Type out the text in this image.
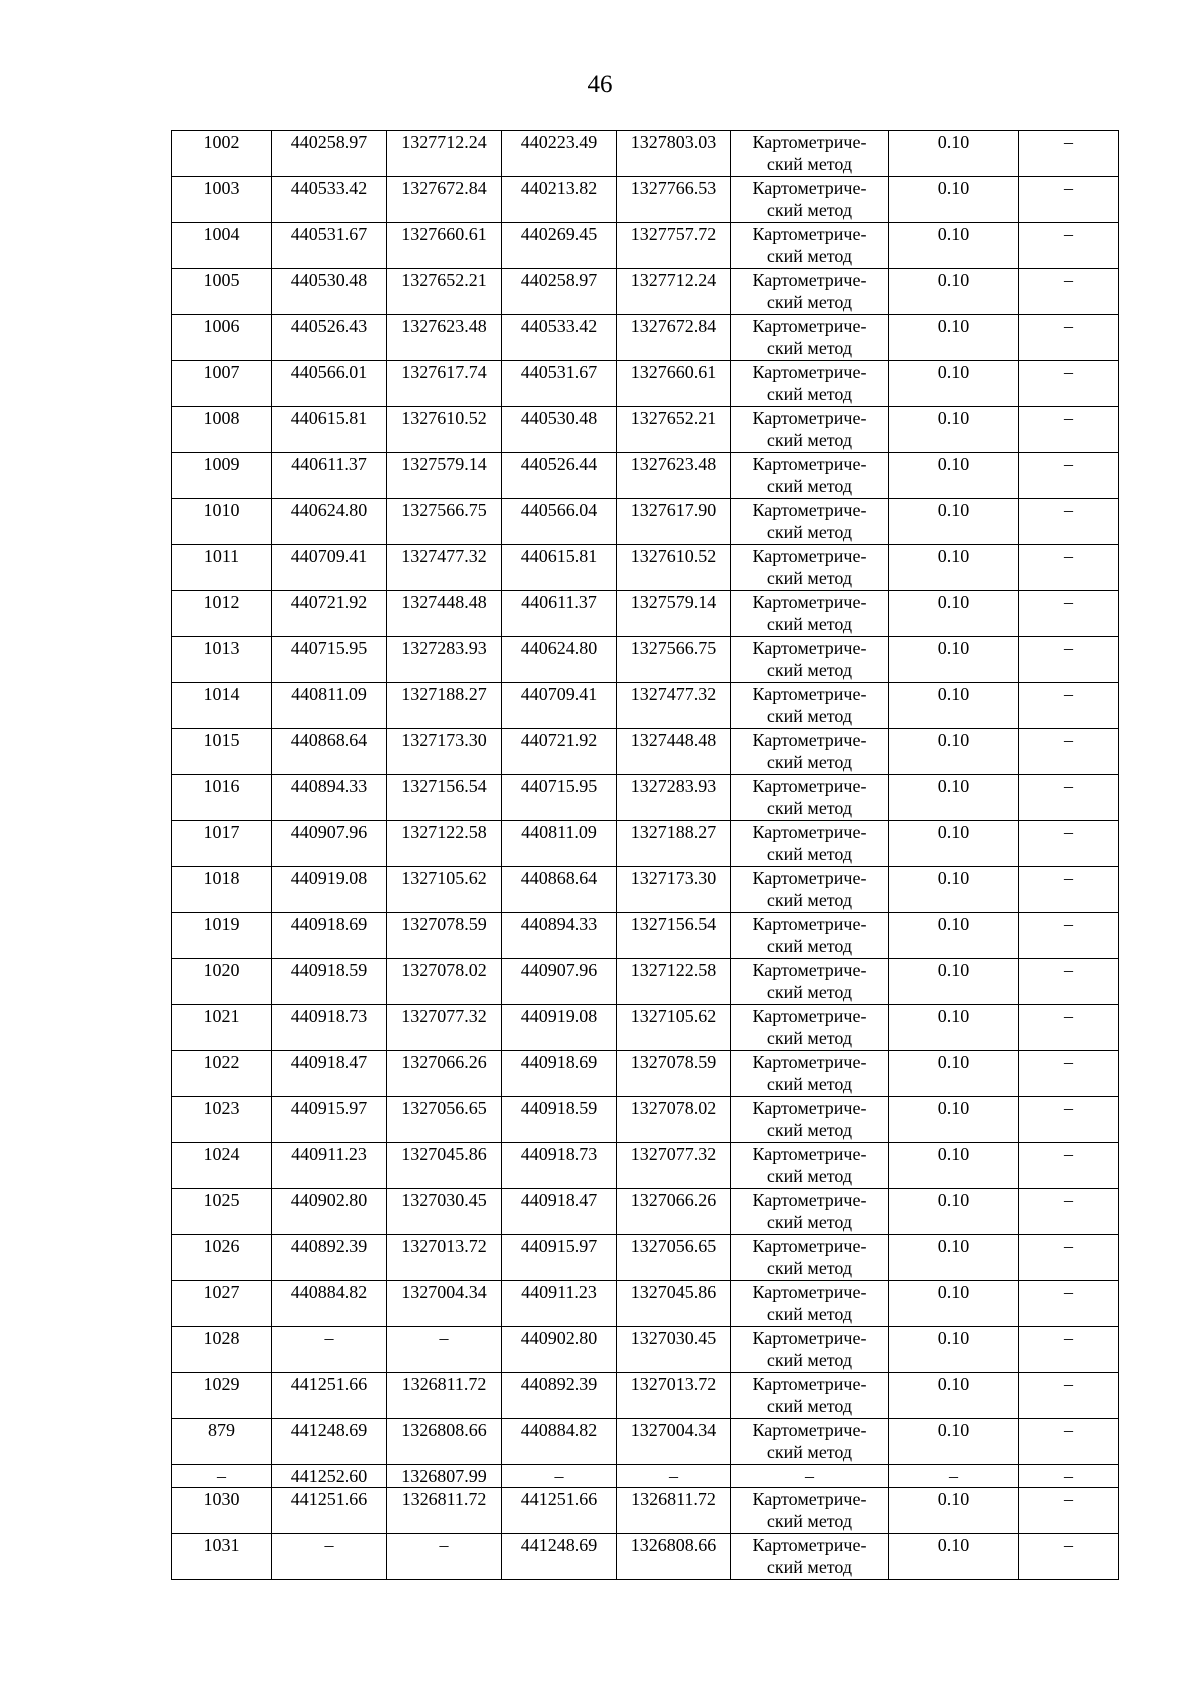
46
1002	440258.97	1327712.24	440223.49	1327803.03	Картометриче-
ский метод	0.10	–
1003	440533.42	1327672.84	440213.82	1327766.53	Картометриче-
ский метод	0.10	–
1004	440531.67	1327660.61	440269.45	1327757.72	Картометриче-
ский метод	0.10	–
1005	440530.48	1327652.21	440258.97	1327712.24	Картометриче-
ский метод	0.10	–
1006	440526.43	1327623.48	440533.42	1327672.84	Картометриче-
ский метод	0.10	–
1007	440566.01	1327617.74	440531.67	1327660.61	Картометриче-
ский метод	0.10	–
1008	440615.81	1327610.52	440530.48	1327652.21	Картометриче-
ский метод	0.10	–
1009	440611.37	1327579.14	440526.44	1327623.48	Картометриче-
ский метод	0.10	–
1010	440624.80	1327566.75	440566.04	1327617.90	Картометриче-
ский метод	0.10	–
1011	440709.41	1327477.32	440615.81	1327610.52	Картометриче-
ский метод	0.10	–
1012	440721.92	1327448.48	440611.37	1327579.14	Картометриче-
ский метод	0.10	–
1013	440715.95	1327283.93	440624.80	1327566.75	Картометриче-
ский метод	0.10	–
1014	440811.09	1327188.27	440709.41	1327477.32	Картометриче-
ский метод	0.10	–
1015	440868.64	1327173.30	440721.92	1327448.48	Картометриче-
ский метод	0.10	–
1016	440894.33	1327156.54	440715.95	1327283.93	Картометриче-
ский метод	0.10	–
1017	440907.96	1327122.58	440811.09	1327188.27	Картометриче-
ский метод	0.10	–
1018	440919.08	1327105.62	440868.64	1327173.30	Картометриче-
ский метод	0.10	–
1019	440918.69	1327078.59	440894.33	1327156.54	Картометриче-
ский метод	0.10	–
1020	440918.59	1327078.02	440907.96	1327122.58	Картометриче-
ский метод	0.10	–
1021	440918.73	1327077.32	440919.08	1327105.62	Картометриче-
ский метод	0.10	–
1022	440918.47	1327066.26	440918.69	1327078.59	Картометриче-
ский метод	0.10	–
1023	440915.97	1327056.65	440918.59	1327078.02	Картометриче-
ский метод	0.10	–
1024	440911.23	1327045.86	440918.73	1327077.32	Картометриче-
ский метод	0.10	–
1025	440902.80	1327030.45	440918.47	1327066.26	Картометриче-
ский метод	0.10	–
1026	440892.39	1327013.72	440915.97	1327056.65	Картометриче-
ский метод	0.10	–
1027	440884.82	1327004.34	440911.23	1327045.86	Картометриче-
ский метод	0.10	–
1028	–	–	440902.80	1327030.45	Картометриче-
ский метод	0.10	–
1029	441251.66	1326811.72	440892.39	1327013.72	Картометриче-
ский метод	0.10	–
879	441248.69	1326808.66	440884.82	1327004.34	Картометриче-
ский метод	0.10	–
–	441252.60	1326807.99	–	–	–	–	–
1030	441251.66	1326811.72	441251.66	1326811.72	Картометриче-
ский метод	0.10	–
1031	–	–	441248.69	1326808.66	Картометриче-
ский метод	0.10	–
